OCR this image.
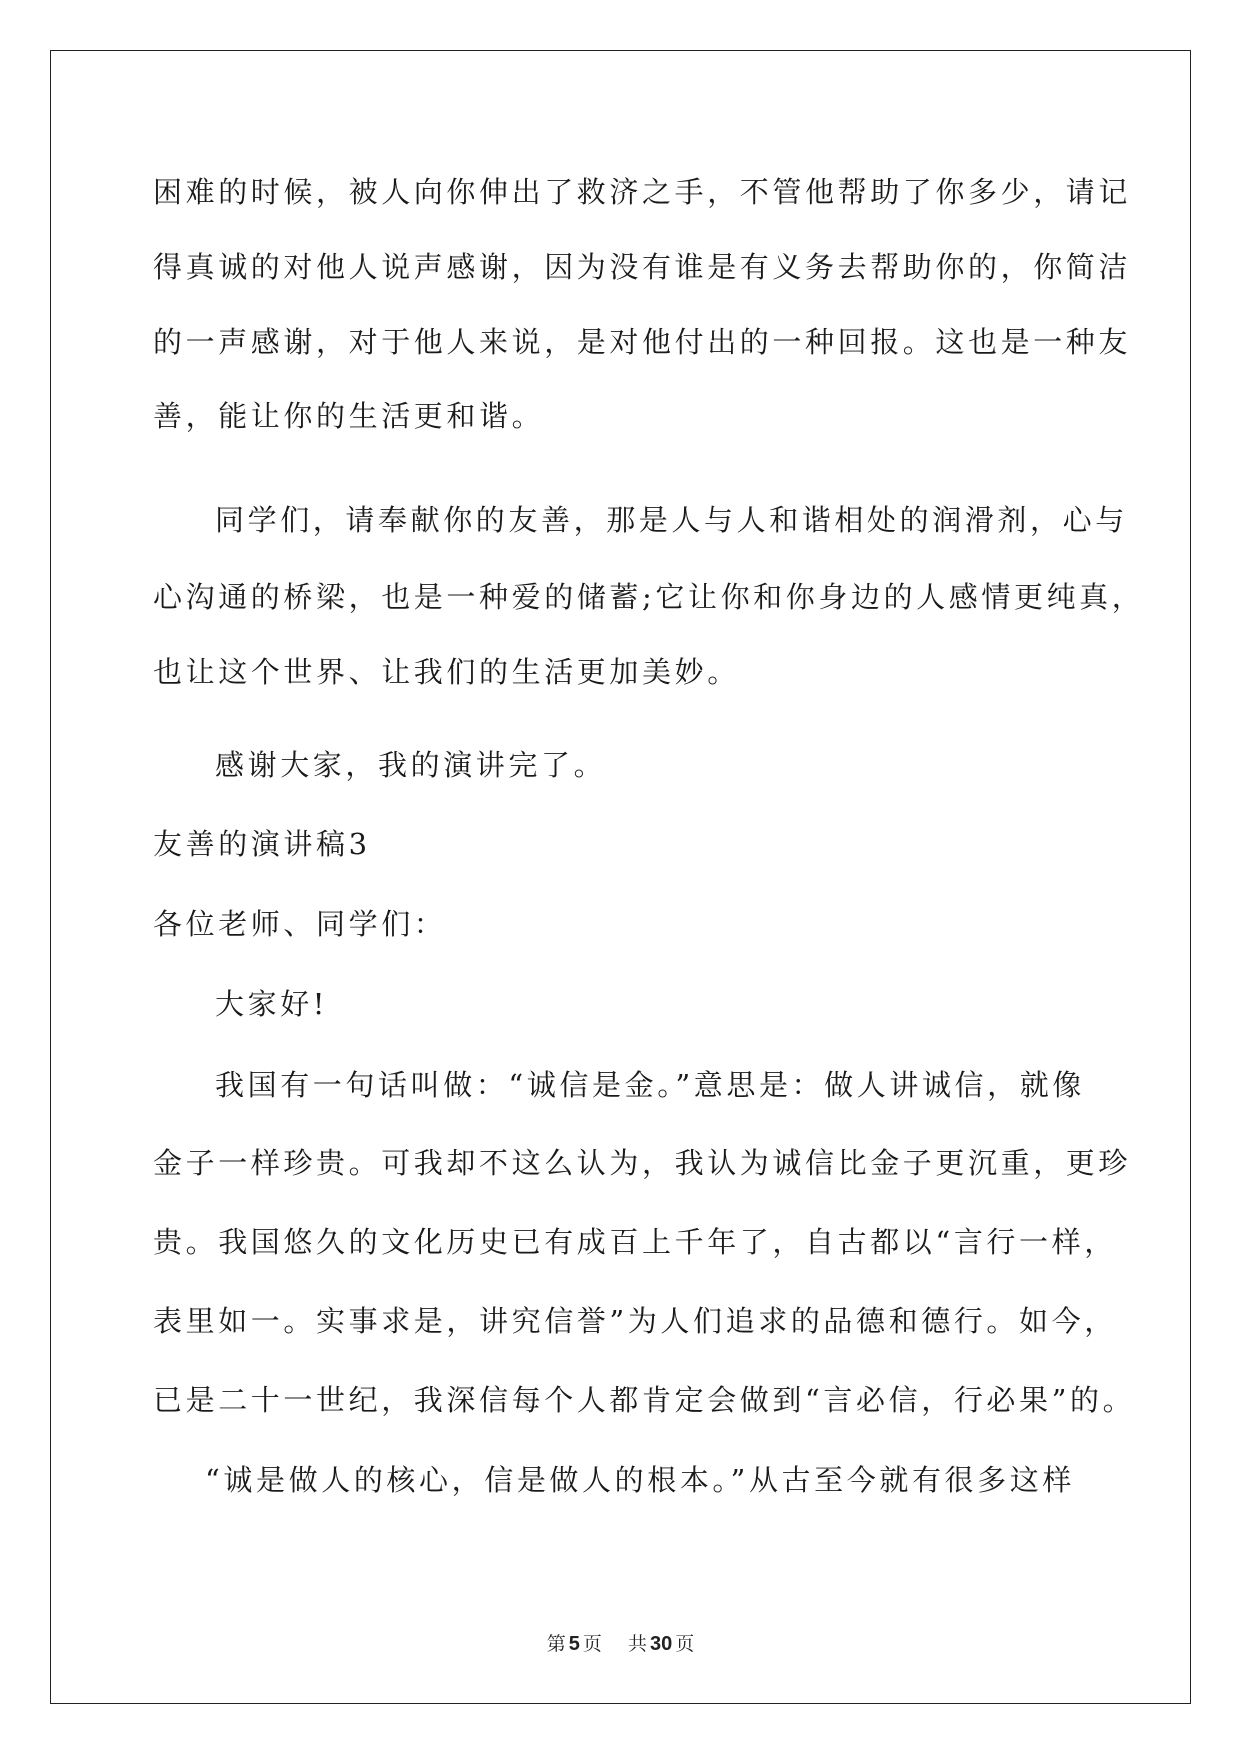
困难的时候，被人向你伸出了救济之手，不管他帮助了你多少，请记

得真诚的对他人说声感谢，因为没有谁是有义务去帮助你的，你简洁

的一声感谢，对于他人来说，是对他付出的一种回报。这也是一种友

善，能让你的生活更和谐。

同学们，请奉献你的友善，那是人与人和谐相处的润滑剂，心与

心沟通的桥梁，也是一种爱的储蓄;它让你和你身边的人感情更纯真，

也让这个世界、让我们的生活更加美妙。

感谢大家，我的演讲完了。

友善的演讲稿3

各位老师、同学们：

大家好!

我国有一句话叫做：“诚信是金。”意思是：做人讲诚信，就像

金子一样珍贵。可我却不这么认为，我认为诚信比金子更沉重，更珍

贵。我国悠久的文化历史已有成百上千年了，自古都以“言行一样，

表里如一。实事求是，讲究信誉”为人们追求的品德和德行。如今，

已是二十一世纪，我深信每个人都肯定会做到“言必信，行必果”的。

“诚是做人的核心，信是做人的根本。”从古至今就有很多这样

第 5 页 共 30 页
